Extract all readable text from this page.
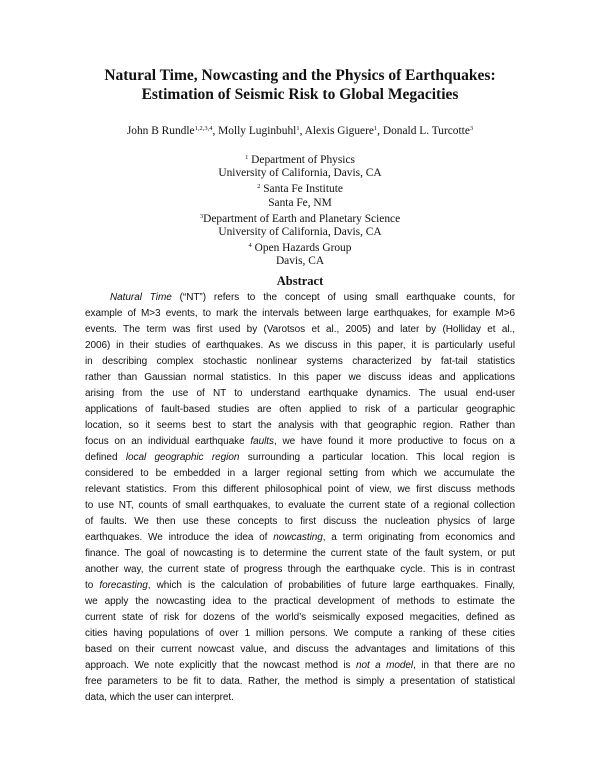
Natural Time, Nowcasting and the Physics of Earthquakes:
Estimation of Seismic Risk to Global Megacities
John B Rundle$^{1,2,3,4}$, Molly Luginbuhl$^1$, Alexis Giguere$^1$, Donald L. Turcotte$^3$
$^1$ Department of Physics
University of California, Davis, CA
$^2$ Santa Fe Institute
Santa Fe, NM
$^3$Department of Earth and Planetary Science
University of California, Davis, CA
$^4$ Open Hazards Group
Davis, CA
Abstract
Natural Time (“NT”) refers to the concept of using small earthquake counts, for
example of M>3 events, to mark the intervals between large earthquakes, for example M>6
events. The term was first used by (Varotsos et al., 2005) and later by (Holliday et al.,
2006) in their studies of earthquakes. As we discuss in this paper, it is particularly useful
in describing complex stochastic nonlinear systems characterized by fat-tail statistics
rather than Gaussian normal statistics. In this paper we discuss ideas and applications
arising from the use of NT to understand earthquake dynamics. The usual end-user
applications of fault-based studies are often applied to risk of a particular geographic
location, so it seems best to start the analysis with that geographic region. Rather than
focus on an individual earthquake faults, we have found it more productive to focus on a
defined local geographic region surrounding a particular location. This local region is
considered to be embedded in a larger regional setting from which we accumulate the
relevant statistics. From this different philosophical point of view, we first discuss methods
to use NT, counts of small earthquakes, to evaluate the current state of a regional collection
of faults. We then use these concepts to first discuss the nucleation physics of large
earthquakes. We introduce the idea of nowcasting, a term originating from economics and
finance. The goal of nowcasting is to determine the current state of the fault system, or put
another way, the current state of progress through the earthquake cycle. This is in contrast
to forecasting, which is the calculation of probabilities of future large earthquakes. Finally,
we apply the nowcasting idea to the practical development of methods to estimate the
current state of risk for dozens of the world’s seismically exposed megacities, defined as
cities having populations of over 1 million persons. We compute a ranking of these cities
based on their current nowcast value, and discuss the advantages and limitations of this
approach. We note explicitly that the nowcast method is not a model, in that there are no
free parameters to be fit to data. Rather, the method is simply a presentation of statistical
data, which the user can interpret.
